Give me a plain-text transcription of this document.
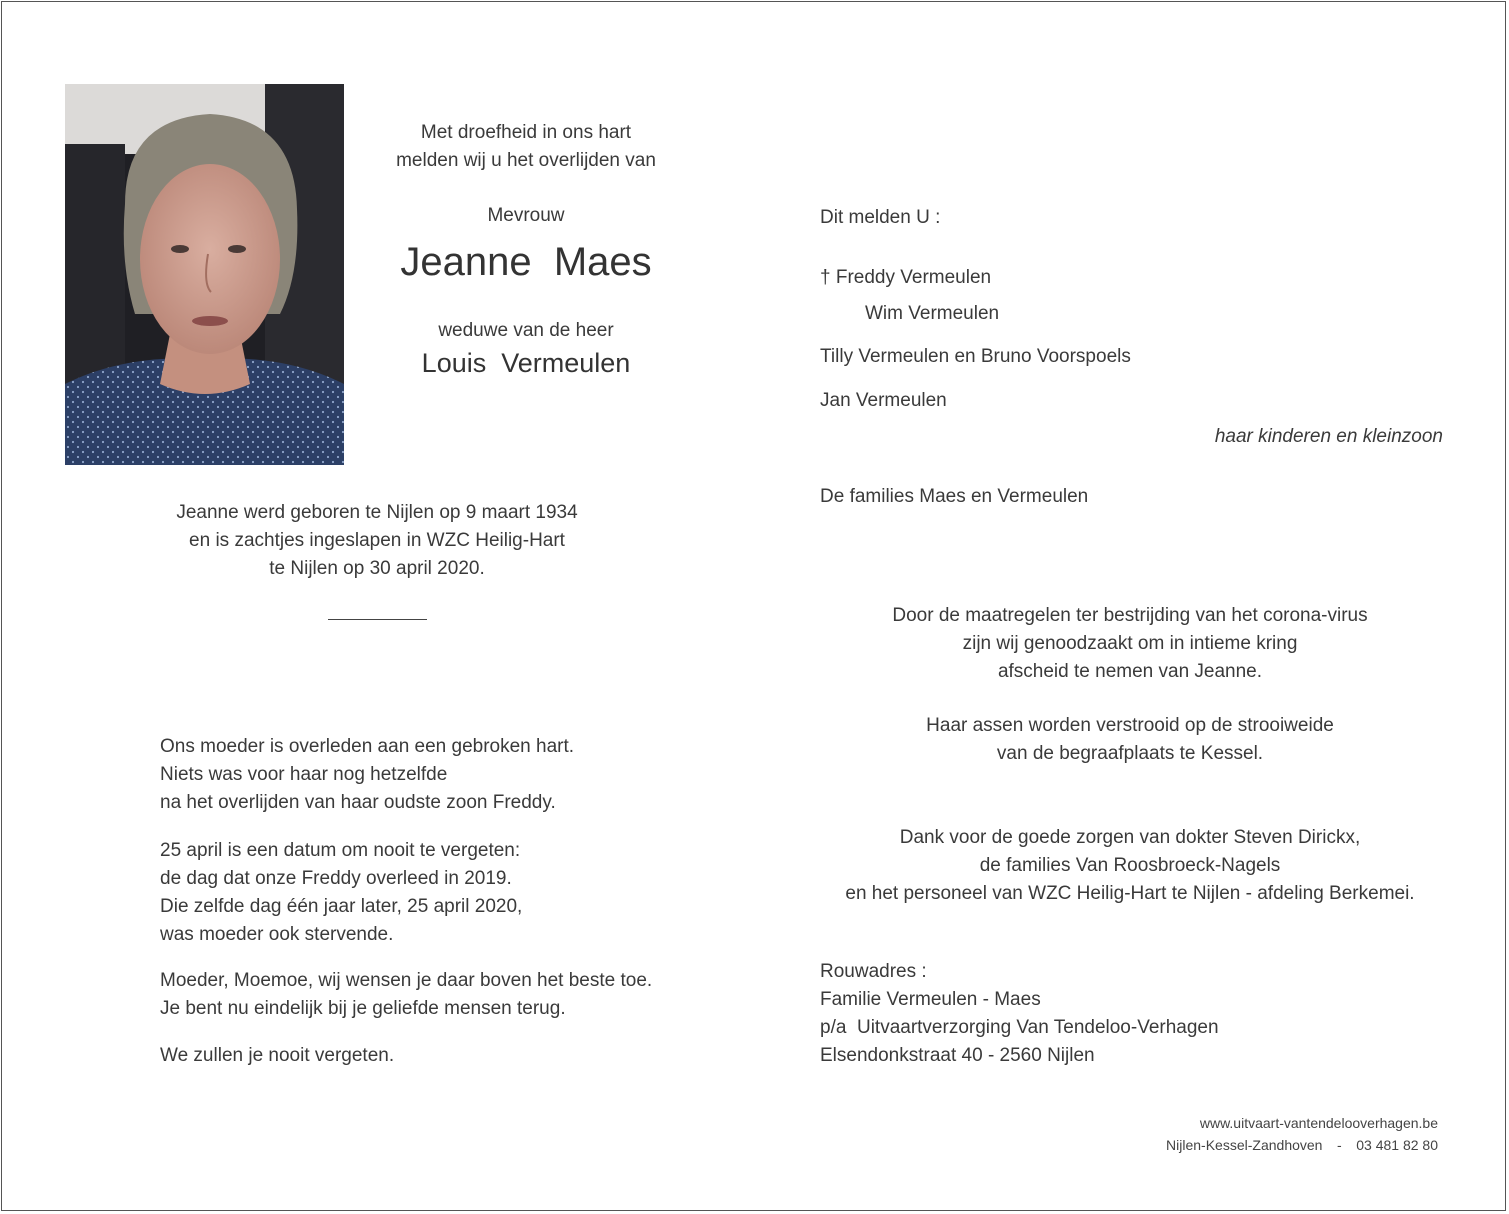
Met droefheid in ons hart
melden wij u het overlijden van
Mevrouw
Jeanne  Maes
weduwe van de heer
Louis  Vermeulen
Jeanne werd geboren te Nijlen op 9 maart 1934
en is zachtjes ingeslapen in WZC Heilig-Hart
te Nijlen op 30 april 2020.
Ons moeder is overleden aan een gebroken hart.
Niets was voor haar nog hetzelfde
na het overlijden van haar oudste zoon Freddy.
25 april is een datum om nooit te vergeten:
de dag dat onze Freddy overleed in 2019.
Die zelfde dag één jaar later, 25 april 2020,
was moeder ook stervende.
Moeder, Moemoe, wij wensen je daar boven het beste toe.
Je bent nu eindelijk bij je geliefde mensen terug.
We zullen je nooit vergeten.
Dit melden U :
† Freddy Vermeulen
Wim Vermeulen
Tilly Vermeulen en Bruno Voorspoels
Jan Vermeulen
haar kinderen en kleinzoon
De families Maes en Vermeulen
Door de maatregelen ter bestrijding van het corona-virus
zijn wij genoodzaakt om in intieme kring
afscheid te nemen van Jeanne.
Haar assen worden verstrooid op de strooiweide
van de begraafplaats te Kessel.
Dank voor de goede zorgen van dokter Steven Dirickx,
de families Van Roosbroeck-Nagels
en het personeel van WZC Heilig-Hart te Nijlen - afdeling Berkemei.
Rouwadres :
Familie Vermeulen - Maes
p/a  Uitvaartverzorging Van Tendeloo-Verhagen
Elsendonkstraat 40 - 2560 Nijlen
www.uitvaart-vantendelooverhagen.be
Nijlen-Kessel-Zandhoven - 03 481 82 80
